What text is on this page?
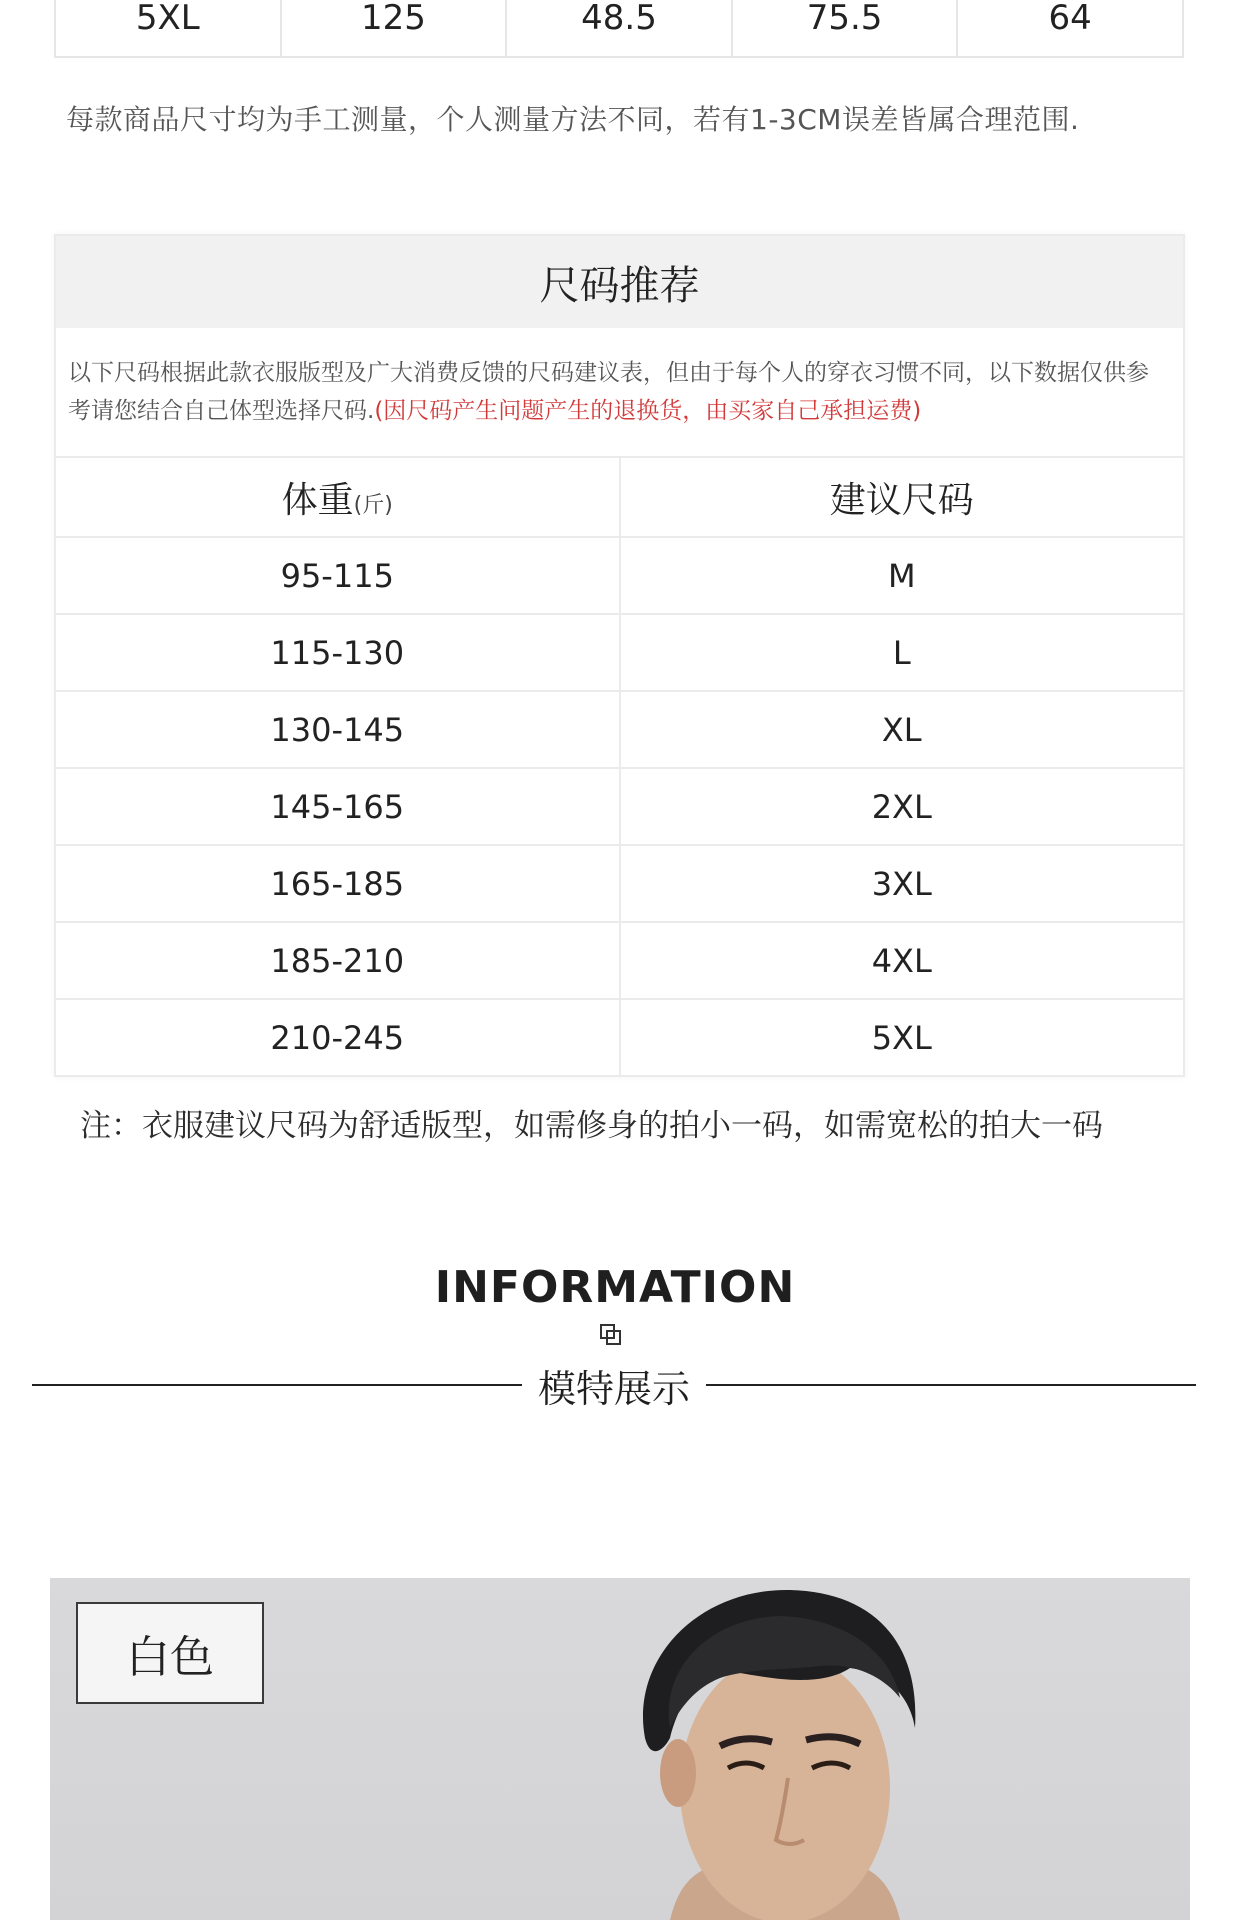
5XL	125	48.5	75.5	64
每款商品尺寸均为手工测量，个人测量方法不同，若有1-3CM误差皆属合理范围.
尺码推荐
以下尺码根据此款衣服版型及广大消费反馈的尺码建议表，但由于每个人的穿衣习惯不同，以下数据仅供参考请您结合自己体型选择尺码.(因尺码产生问题产生的退换货，由买家自己承担运费)
体重(斤)	建议尺码
95-115	M
115-130	L
130-145	XL
145-165	2XL
165-185	3XL
185-210	4XL
210-245	5XL
注：衣服建议尺码为舒适版型，如需修身的拍小一码，如需宽松的拍大一码
INFORMATION
模特展示
白色
